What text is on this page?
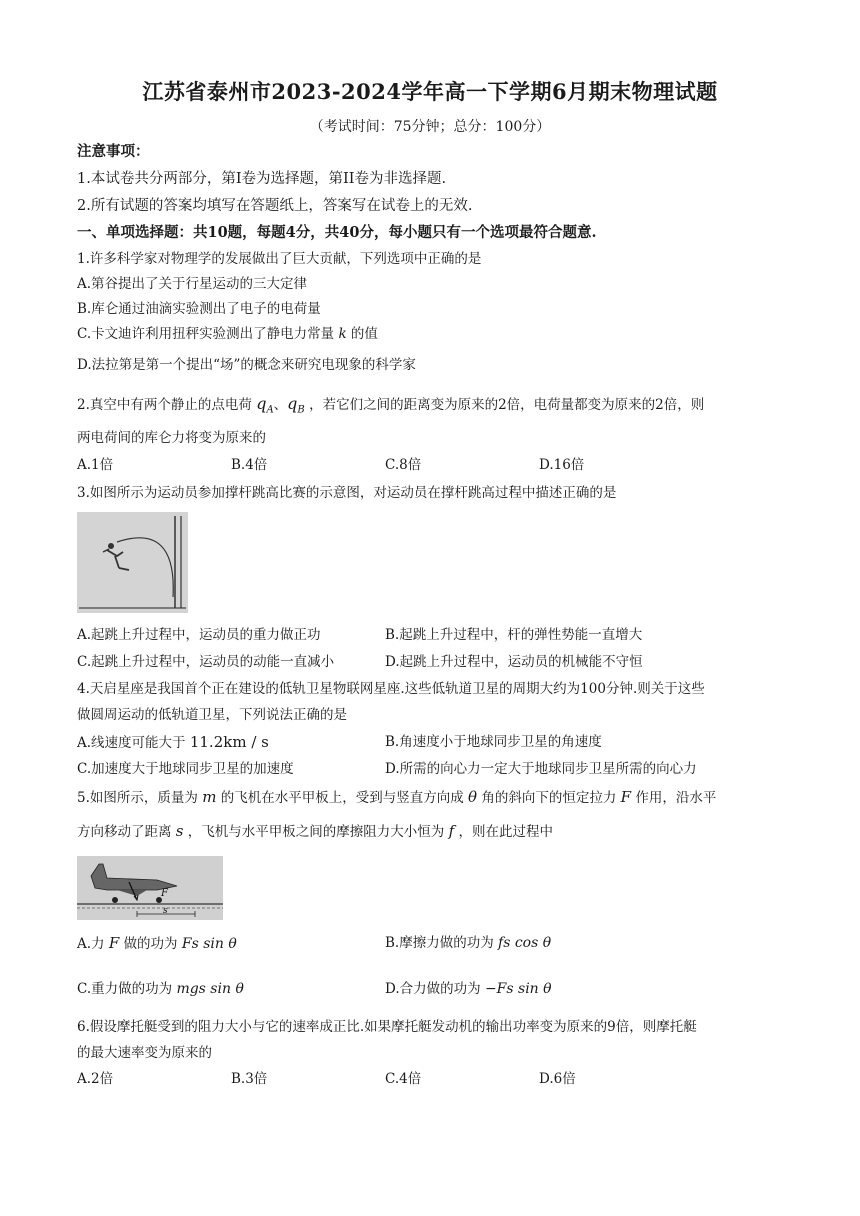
江苏省泰州市2023-2024学年高一下学期6月期末物理试题
（考试时间：75分钟；总分：100分）
注意事项：
1.本试卷共分两部分，第I卷为选择题，第II卷为非选择题.
2.所有试题的答案均填写在答题纸上，答案写在试卷上的无效.
一、单项选择题：共10题，每题4分，共40分，每小题只有一个选项最符合题意.
1.许多科学家对物理学的发展做出了巨大贡献，下列选项中正确的是
A.第谷提出了关于行星运动的三大定律
B.库仑通过油滴实验测出了电子的电荷量
C.卡文迪许利用扭秤实验测出了静电力常量 k 的值
D.法拉第是第一个提出“场”的概念来研究电现象的科学家
2.真空中有两个静止的点电荷 $q_A$、$q_B$ ，若它们之间的距离变为原来的2倍，电荷量都变为原来的2倍，则
两电荷间的库仑力将变为原来的
A.1倍	B.4倍	C.8倍	D.16倍
3.如图所示为运动员参加撑杆跳高比赛的示意图，对运动员在撑杆跳高过程中描述正确的是
A.起跳上升过程中，运动员的重力做正功	B.起跳上升过程中，杆的弹性势能一直增大
C.起跳上升过程中，运动员的动能一直减小	D.起跳上升过程中，运动员的机械能不守恒
4.天启星座是我国首个正在建设的低轨卫星物联网星座.这些低轨道卫星的周期大约为100分钟.则关于这些
做圆周运动的低轨道卫星，下列说法正确的是
A.线速度可能大于 11.2km / s	B.角速度小于地球同步卫星的角速度
C.加速度大于地球同步卫星的加速度	D.所需的向心力一定大于地球同步卫星所需的向心力
5.如图所示，质量为 m 的飞机在水平甲板上，受到与竖直方向成 θ 角的斜向下的恒定拉力 F 作用，沿水平
方向移动了距离 s ，飞机与水平甲板之间的摩擦阻力大小恒为 f ，则在此过程中
F
s
A.力 F 做的功为 Fs sin θ	B.摩擦力做的功为 fs cos θ
C.重力做的功为 mgs sin θ	D.合力做的功为 −Fs sin θ
6.假设摩托艇受到的阻力大小与它的速率成正比.如果摩托艇发动机的输出功率变为原来的9倍，则摩托艇
的最大速率变为原来的
A.2倍	B.3倍	C.4倍	D.6倍
